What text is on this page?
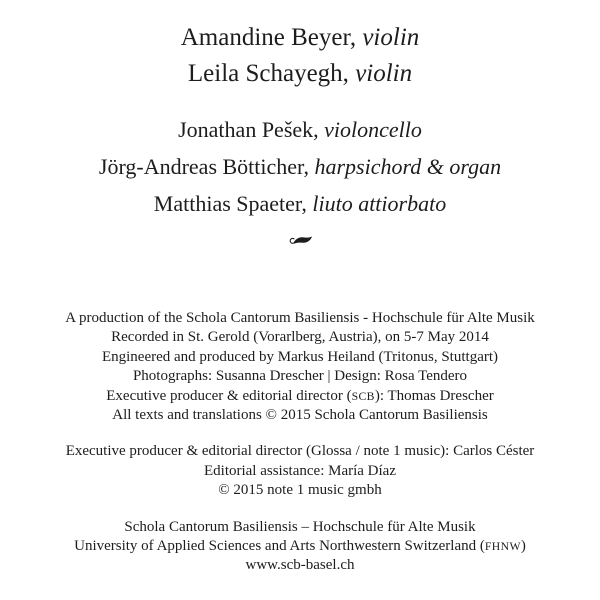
Amandine Beyer, violin
Leila Schayegh, violin
Jonathan Pešek, violoncello
Jörg-Andreas Bötticher, harpsichord & organ
Matthias Spaeter, liuto attiorbato
A production of the Schola Cantorum Basiliensis - Hochschule für Alte Musik
Recorded in St. Gerold (Vorarlberg, Austria), on 5-7 May 2014
Engineered and produced by Markus Heiland (Tritonus, Stuttgart)
Photographs: Susanna Drescher | Design: Rosa Tendero
Executive producer & editorial director (SCB): Thomas Drescher
All texts and translations © 2015 Schola Cantorum Basiliensis
Executive producer & editorial director (Glossa / note 1 music): Carlos Céster
Editorial assistance: María Díaz
© 2015 note 1 music gmbh
Schola Cantorum Basiliensis – Hochschule für Alte Musik
University of Applied Sciences and Arts Northwestern Switzerland (FHNW)
www.scb-basel.ch
